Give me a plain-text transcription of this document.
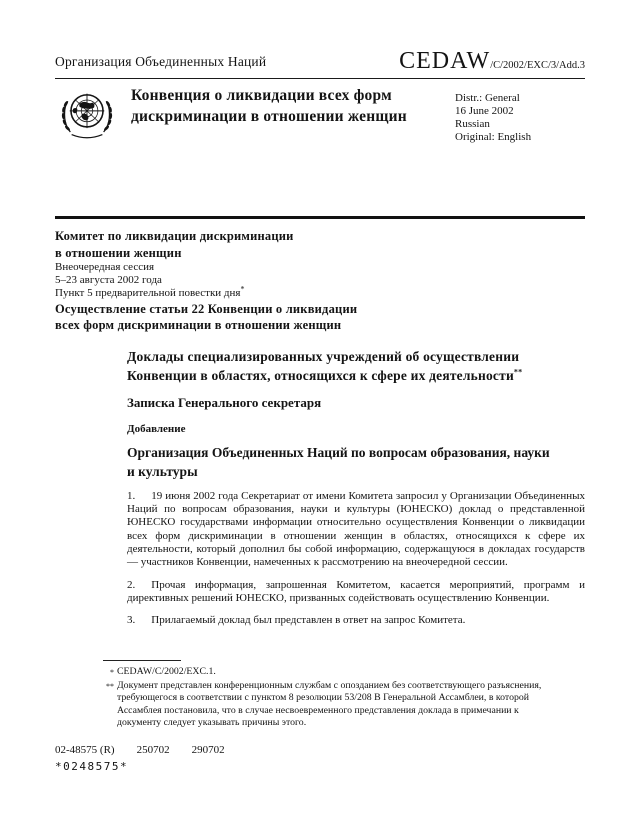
Организация Объединенных Наций	CEDAW/C/2002/EXC/3/Add.3
Конвенция о ликвидации всех форм дискриминации в отношении женщин
Distr.: General
16 June 2002
Russian
Original: English
Комитет по ликвидации дискриминации
в отношении женщин
Внеочередная сессия
5–23 августа 2002 года
Пункт 5 предварительной повестки дня*
Осуществление статьи 22 Конвенции о ликвидации
всех форм дискриминации в отношении женщин
Доклады специализированных учреждений об осуществлении Конвенции в областях, относящихся к сфере их деятельности**
Записка Генерального секретаря
Добавление
Организация Объединенных Наций по вопросам образования, науки и культуры
1. 19 июня 2002 года Секретариат от имени Комитета запросил у Организации Объединенных Наций по вопросам образования, науки и культуры (ЮНЕСКО) доклад о представленной ЮНЕСКО государствами информации относительно осуществления Конвенции о ликвидации всех форм дискриминации в отношении женщин в областях, относящихся к сфере их деятельности, который дополнил бы собой информацию, содержащуюся в докладах государств — участников Конвенции, намеченных к рассмотрению на внеочередной сессии.
2. Прочая информация, запрошенная Комитетом, касается мероприятий, программ и директивных решений ЮНЕСКО, призванных содействовать осуществлению Конвенции.
3. Прилагаемый доклад был представлен в ответ на запрос Комитета.
* CEDAW/C/2002/EXC.1.
** Документ представлен конференционным службам с опозданием без соответствующего разъяснения, требующегося в соответствии с пунктом 8 резолюции 53/208 В Генеральной Ассамблеи, в которой Ассамблея постановила, что в случае несвоевременного представления доклада в примечании к документу следует указывать причины этого.
02-48575 (R) 250702 290702
*0248575*
